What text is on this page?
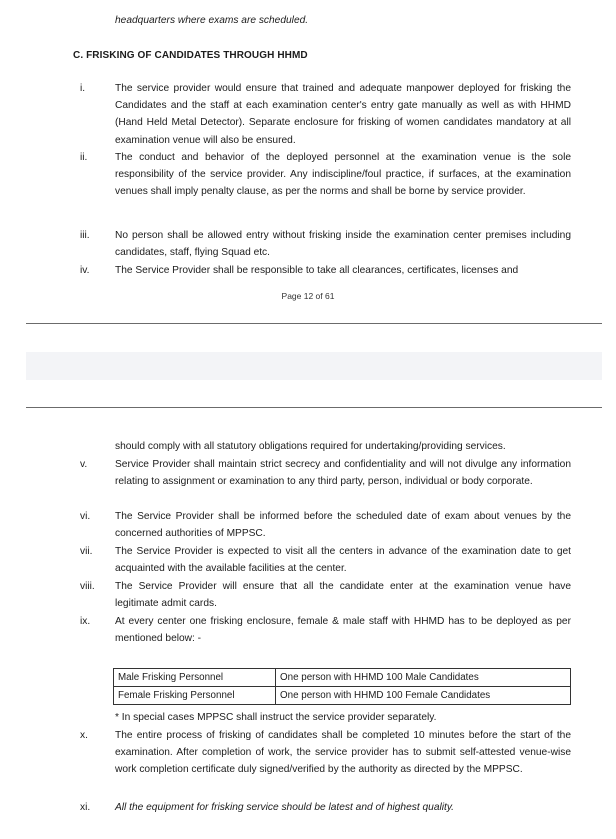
headquarters where exams are scheduled.
C. FRISKING OF CANDIDATES THROUGH HHMD
i.	The service provider would ensure that trained and adequate manpower deployed for frisking the Candidates and the staff at each examination center's entry gate manually as well as with HHMD (Hand Held Metal Detector). Separate enclosure for frisking of women candidates mandatory at all examination venue will also be ensured.
ii.	The conduct and behavior of the deployed personnel at the examination venue is the sole responsibility of the service provider. Any indiscipline/foul practice, if surfaces, at the examination venues shall imply penalty clause, as per the norms and shall be borne by service provider.
iii. No person shall be allowed entry without frisking inside the examination center premises including candidates, staff, flying Squad etc.
iv.	The Service Provider shall be responsible to take all clearances, certificates, licenses and
Page 12 of 61
should comply with all statutory obligations required for undertaking/providing services.
v.	Service Provider shall maintain strict secrecy and confidentiality and will not divulge any information relating to assignment or examination to any third party, person, individual or body corporate.
vi. The Service Provider shall be informed before the scheduled date of exam about venues by the concerned authorities of MPPSC.
vii. The Service Provider is expected to visit all the centers in advance of the examination date to get acquainted with the available facilities at the center.
viii. The Service Provider will ensure that all the candidate enter at the examination venue have legitimate admit cards.
ix. At every center one frisking enclosure, female & male staff with HHMD has to be deployed as per mentioned below: -
Male Frisking Personnel	One person with HHMD 100 Male Candidates
Female Frisking Personnel	One person with HHMD 100 Female Candidates
* In special cases MPPSC shall instruct the service provider separately.
x.	The entire process of frisking of candidates shall be completed 10 minutes before the start of the examination. After completion of work, the service provider has to submit self-attested venue-wise work completion certificate duly signed/verified by the authority as directed by the MPPSC.
xi. All the equipment for frisking service should be latest and of highest quality.
